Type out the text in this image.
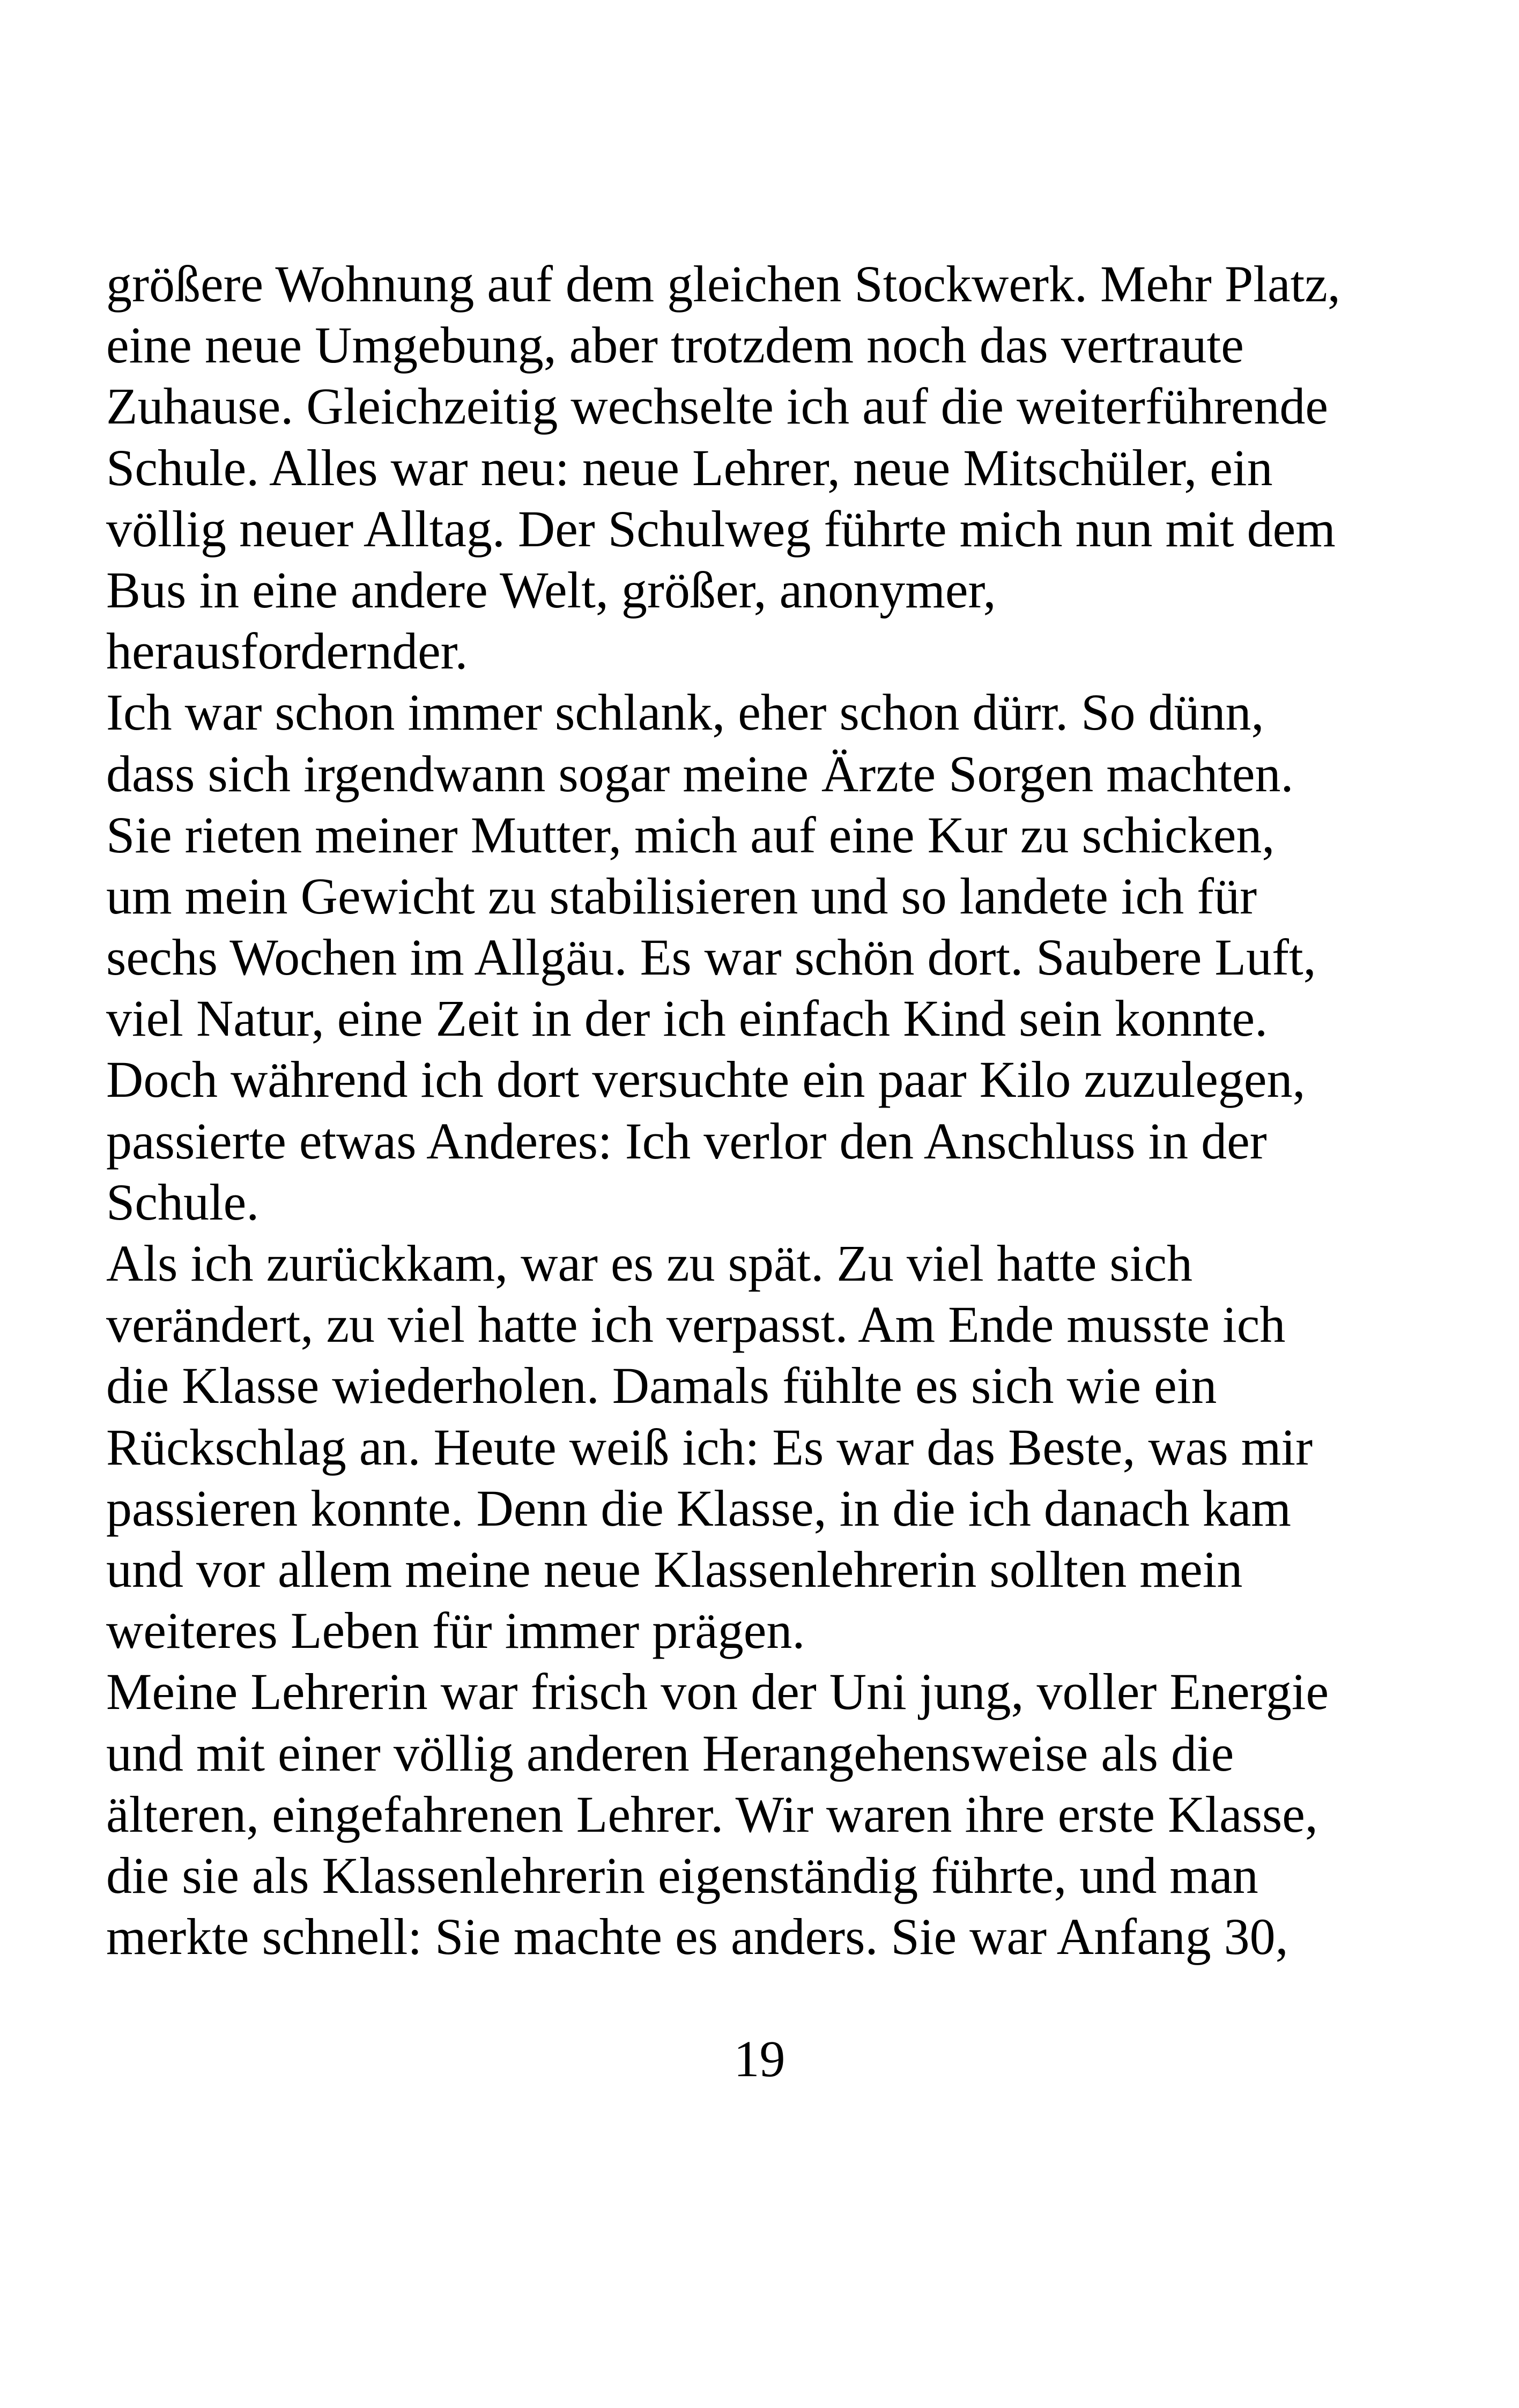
größere Wohnung auf dem gleichen Stockwerk. Mehr Platz,
eine neue Umgebung, aber trotzdem noch das vertraute
Zuhause. Gleichzeitig wechselte ich auf die weiterführende
Schule. Alles war neu: neue Lehrer, neue Mitschüler, ein
völlig neuer Alltag. Der Schulweg führte mich nun mit dem
Bus in eine andere Welt, größer, anonymer,
herausfordernder.
Ich war schon immer schlank, eher schon dürr. So dünn,
dass sich irgendwann sogar meine Ärzte Sorgen machten.
Sie rieten meiner Mutter, mich auf eine Kur zu schicken,
um mein Gewicht zu stabilisieren und so landete ich für
sechs Wochen im Allgäu. Es war schön dort. Saubere Luft,
viel Natur, eine Zeit in der ich einfach Kind sein konnte.
Doch während ich dort versuchte ein paar Kilo zuzulegen,
passierte etwas Anderes: Ich verlor den Anschluss in der
Schule.
Als ich zurückkam, war es zu spät. Zu viel hatte sich
verändert, zu viel hatte ich verpasst. Am Ende musste ich
die Klasse wiederholen. Damals fühlte es sich wie ein
Rückschlag an. Heute weiß ich: Es war das Beste, was mir
passieren konnte. Denn die Klasse, in die ich danach kam
und vor allem meine neue Klassenlehrerin sollten mein
weiteres Leben für immer prägen.
Meine Lehrerin war frisch von der Uni jung, voller Energie
und mit einer völlig anderen Herangehensweise als die
älteren, eingefahrenen Lehrer. Wir waren ihre erste Klasse,
die sie als Klassenlehrerin eigenständig führte, und man
merkte schnell: Sie machte es anders. Sie war Anfang 30,
19
